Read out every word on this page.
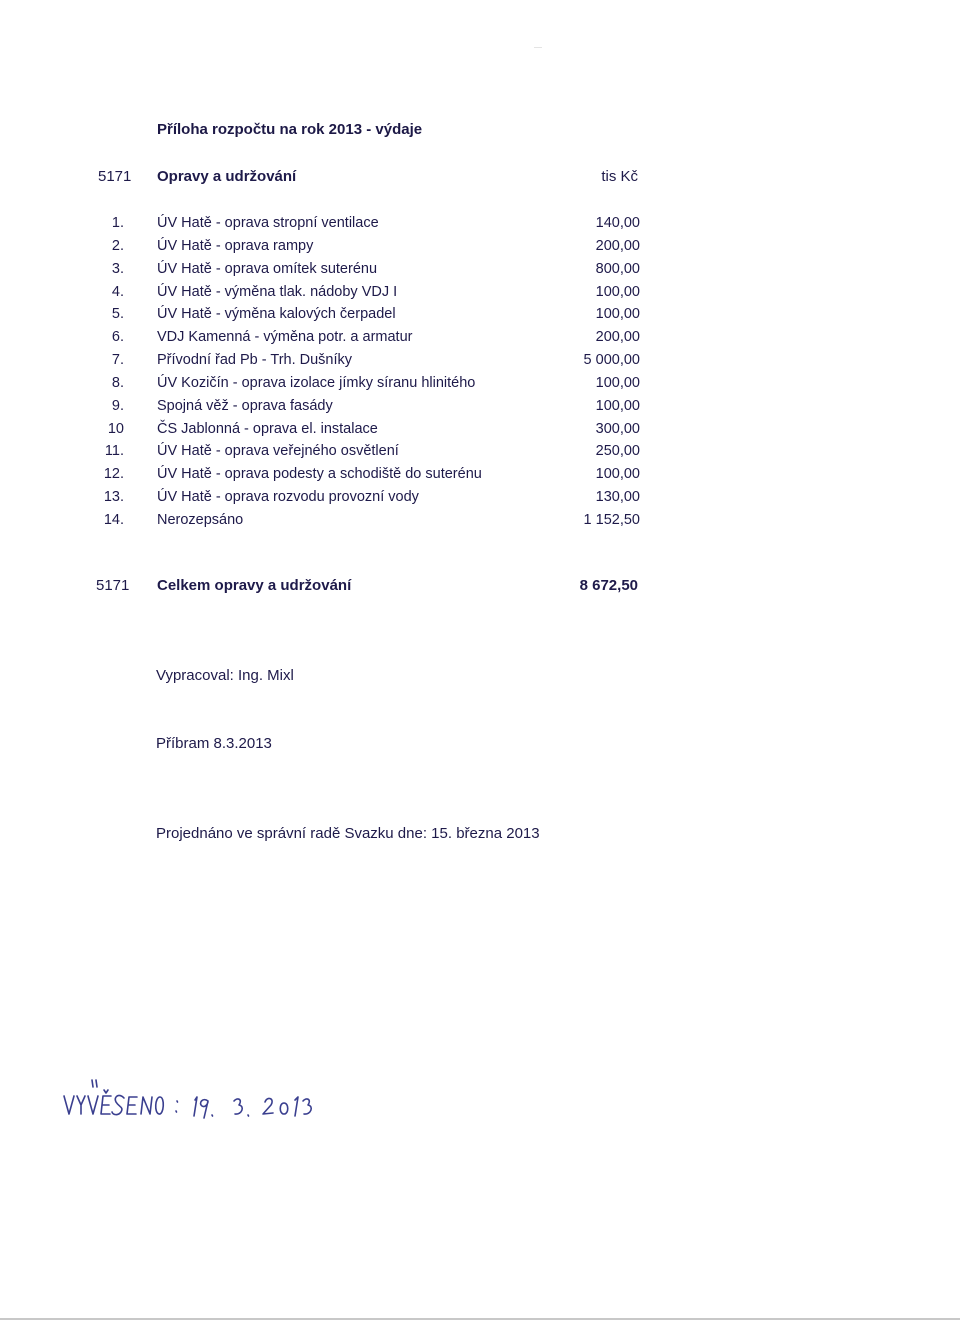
Příloha rozpočtu na rok 2013 - výdaje
5171 Opravy a udržování	tis Kč
1. ÚV Hatě - oprava stropní ventilace	140,00
2. ÚV Hatě - oprava rampy	200,00
3. ÚV Hatě - oprava omítek suterénu	800,00
4. ÚV Hatě - výměna tlak. nádoby VDJ I	100,00
5. ÚV Hatě - výměna kalových čerpadel	100,00
6. VDJ Kamenná - výměna potr. a armatur	200,00
7. Přívodní řad Pb - Trh. Dušníky	5 000,00
8. ÚV Kozičín - oprava izolace jímky síranu hlinitého	100,00
9. Spojná věž - oprava fasády	100,00
10 ČS Jablonná - oprava el. instalace	300,00
11. ÚV Hatě - oprava veřejného osvětlení	250,00
12. ÚV Hatě - oprava podesty a schodiště do suterénu	100,00
13. ÚV Hatě - oprava rozvodu provozní vody	130,00
14. Nerozepsáno	1 152,50
5171 Celkem opravy a udržování	8 672,50
Vypracoval: Ing. Mixl
Příbram 8.3.2013
Projednáno ve správní radě Svazku dne: 15. března 2013
